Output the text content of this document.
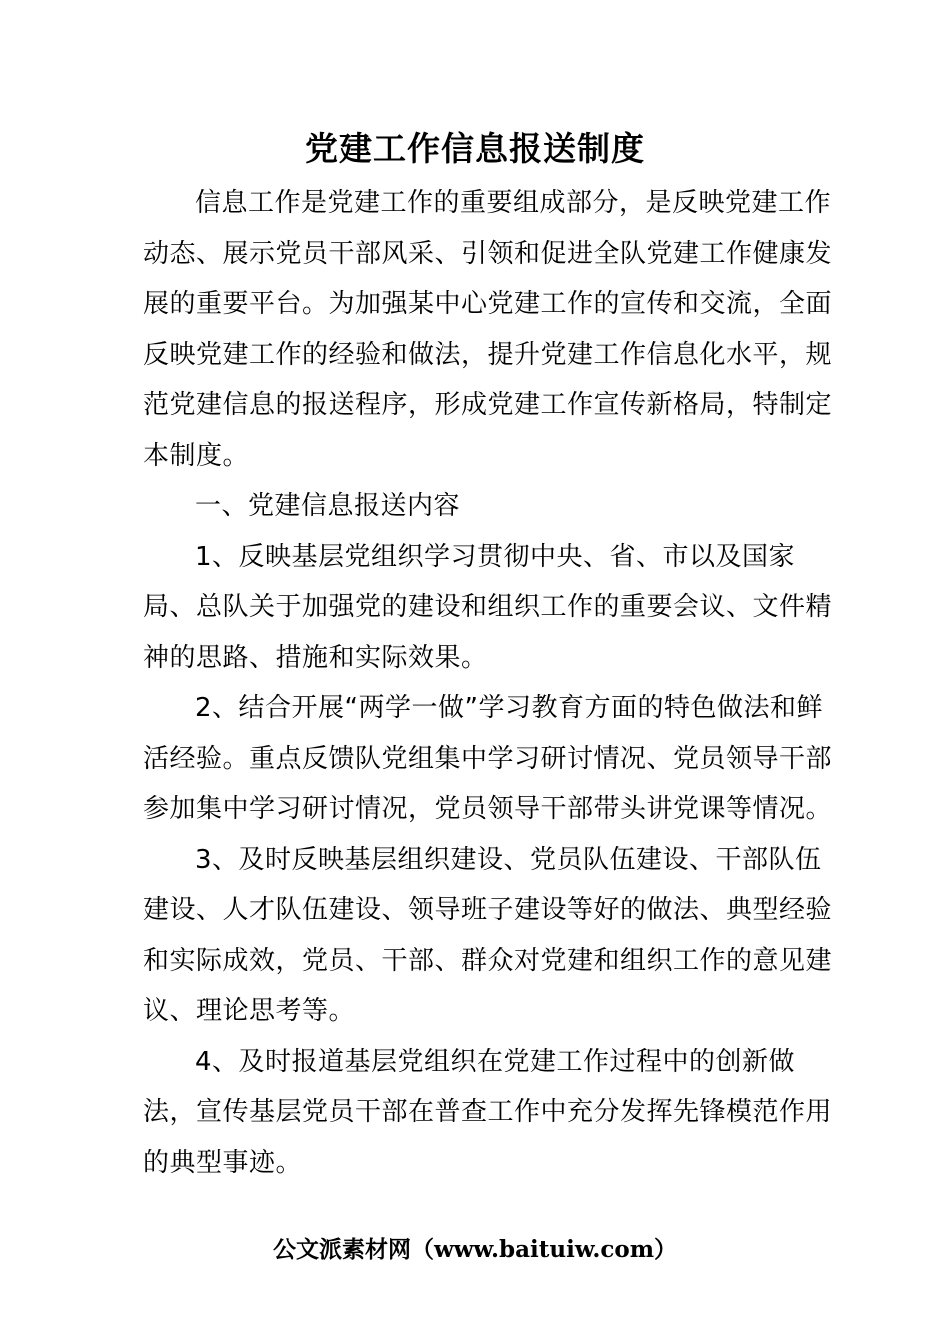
党建工作信息报送制度

信息工作是党建工作的重要组成部分，是反映党建工作动态、展示党员干部风采、引领和促进全队党建工作健康发展的重要平台。为加强某中心党建工作的宣传和交流，全面反映党建工作的经验和做法，提升党建工作信息化水平，规范党建信息的报送程序，形成党建工作宣传新格局，特制定本制度。

一、党建信息报送内容

1、反映基层党组织学习贯彻中央、省、市以及国家局、总队关于加强党的建设和组织工作的重要会议、文件精神的思路、措施和实际效果。

2、结合开展“两学一做”学习教育方面的特色做法和鲜活经验。重点反馈队党组集中学习研讨情况、党员领导干部参加集中学习研讨情况，党员领导干部带头讲党课等情况。

3、及时反映基层组织建设、党员队伍建设、干部队伍建设、人才队伍建设、领导班子建设等好的做法、典型经验和实际成效，党员、干部、群众对党建和组织工作的意见建议、理论思考等。

4、及时报道基层党组织在党建工作过程中的创新做法，宣传基层党员干部在普查工作中充分发挥先锋模范作用的典型事迹。

公文派素材网（www.baituiw.com）
